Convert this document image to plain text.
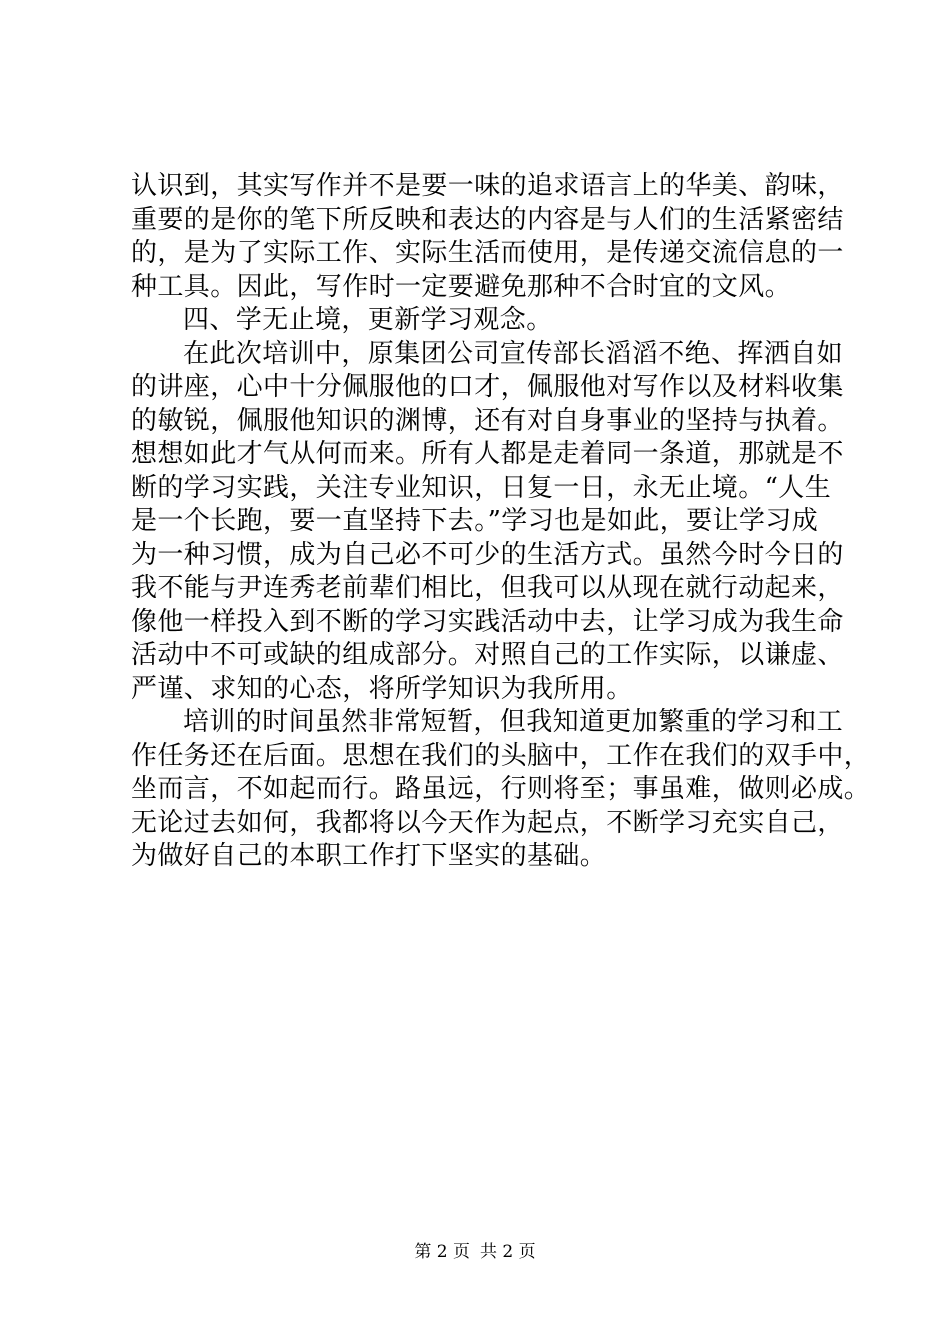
认识到，其实写作并不是要一味的追求语言上的华美、韵味，
重要的是你的笔下所反映和表达的内容是与人们的生活紧密结
的，是为了实际工作、实际生活而使用，是传递交流信息的一
种工具。因此，写作时一定要避免那种不合时宜的文风。
四、学无止境，更新学习观念。
在此次培训中，原集团公司宣传部长滔滔不绝、挥洒自如
的讲座，心中十分佩服他的口才，佩服他对写作以及材料收集
的敏锐，佩服他知识的渊博，还有对自身事业的坚持与执着。
想想如此才气从何而来。所有人都是走着同一条道，那就是不
断的学习实践，关注专业知识，日复一日，永无止境。“人生
是一个长跑，要一直坚持下去。”学习也是如此，要让学习成
为一种习惯，成为自己必不可少的生活方式。虽然今时今日的
我不能与尹连秀老前辈们相比，但我可以从现在就行动起来，
像他一样投入到不断的学习实践活动中去，让学习成为我生命
活动中不可或缺的组成部分。对照自己的工作实际，以谦虚、
严谨、求知的心态，将所学知识为我所用。
培训的时间虽然非常短暂，但我知道更加繁重的学习和工
作任务还在后面。思想在我们的头脑中，工作在我们的双手中，
坐而言，不如起而行。路虽远，行则将至；事虽难，做则必成。
无论过去如何，我都将以今天作为起点，不断学习充实自己，
为做好自己的本职工作打下坚实的基础。
第 2 页 共 2 页
